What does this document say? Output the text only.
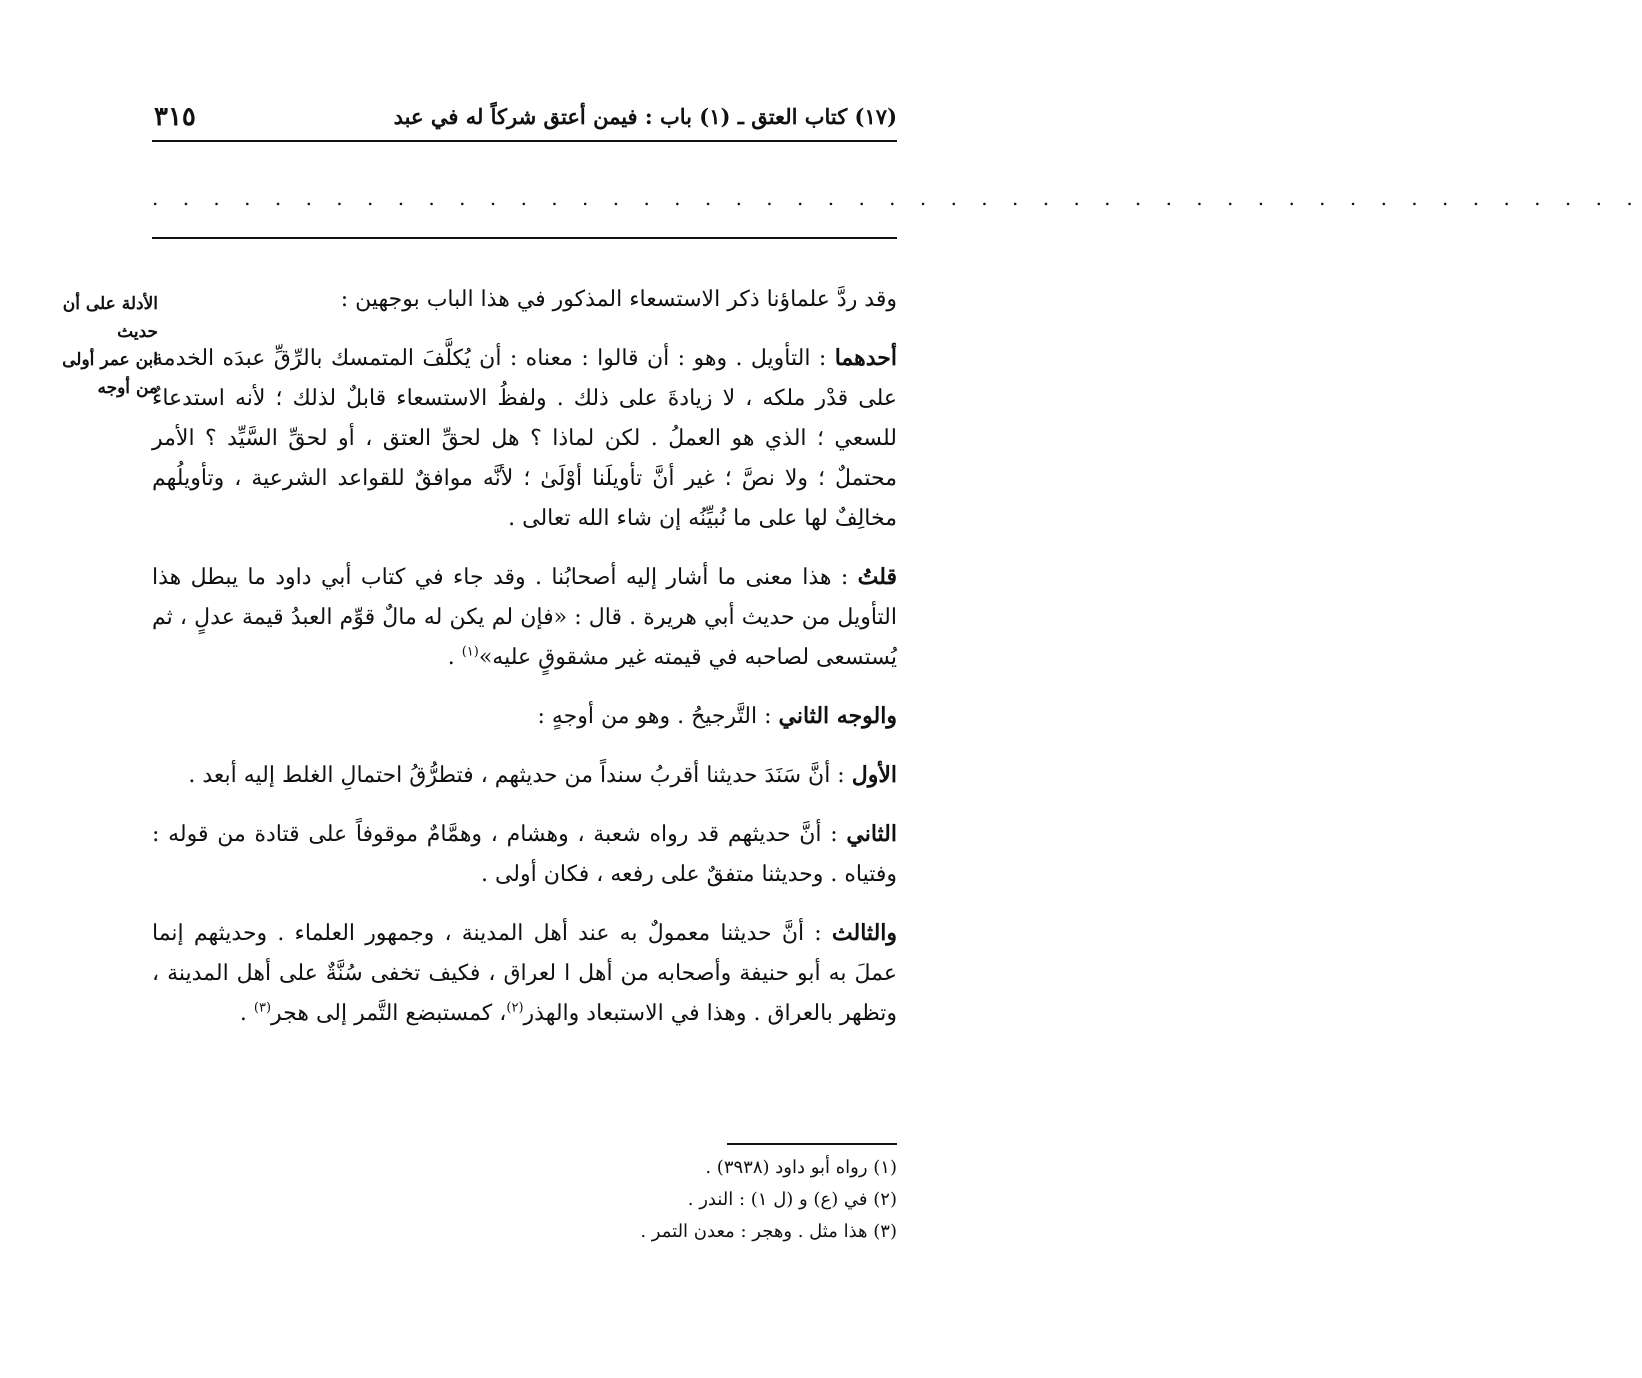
(١٧) كتاب العتق ـ (١) باب : فيمن أعتق شركاً له في عبد
٣١٥
. . . . . . . . . . . . . . . . . . . . . . . . . . . . . . . . . . . . . . . . . . . . . . . . .
الأدلة على أن
حديث
ابن عمر أولى
من أوجه

وقد ردَّ علماؤنا ذكر الاستسعاء المذكور في هذا الباب بوجهين :

أحدهما : التأويل . وهو : أن قالوا : معناه : أن يُكلَّفَ المتمسك بالرِّقِّ عبدَه الخدمة على قدْر ملكه ، لا زيادةَ على ذلك . ولفظُ الاستسعاء قابلٌ لذلك ؛ لأنه استدعاءٌ للسعي ؛ الذي هو العملُ . لكن لماذا ؟ هل لحقِّ العتق ، أو لحقِّ السَّيِّد ؟ الأمر محتملٌ ؛ ولا نصَّ ؛ غير أنَّ تأويلَنا أوْلَىٰ ؛ لأنَّه موافقٌ للقواعد الشرعية ، وتأويلُهم مخالِفٌ لها على ما نُبيِّنُه إن شاء الله تعالى .

قلتُ : هذا معنى ما أشار إليه أصحابُنا . وقد جاء في كتاب أبي داود ما يبطل هذا التأويل من حديث أبي هريرة . قال : «فإن لم يكن له مالٌ قوِّم العبدُ قيمة عدلٍ ، ثم يُستسعى لصاحبه في قيمته غير مشقوقٍ عليه»$^{(١)}$ .

والوجه الثاني : التَّرجيحُ . وهو من أوجهٍ :

الأول : أنَّ سَنَدَ حديثنا أقربُ سنداً من حديثهم ، فتطرُّقُ احتمالِ الغلط إليه أبعد .

الثاني : أنَّ حديثهم قد رواه شعبة ، وهشام ، وهمَّامٌ موقوفاً على قتادة من قوله : وفتياه . وحديثنا متفقٌ على رفعه ، فكان أولى .

والثالث : أنَّ حديثنا معمولٌ به عند أهل المدينة ، وجمهور العلماء . وحديثهم إنما عملَ به أبو حنيفة وأصحابه من أهل ا لعراق ، فكيف تخفى سُنَّةٌ على أهل المدينة ، وتظهر بالعراق . وهذا في الاستبعاد والهذر$^{(٢)}$، كمستبضع التَّمر إلى هجر$^{(٣)}$ .

(١) رواه أبو داود (٣٩٣٨) .
(٢) في (ع) و (ل ١) : الندر .
(٣) هذا مثل . وهجر : معدن التمر .
